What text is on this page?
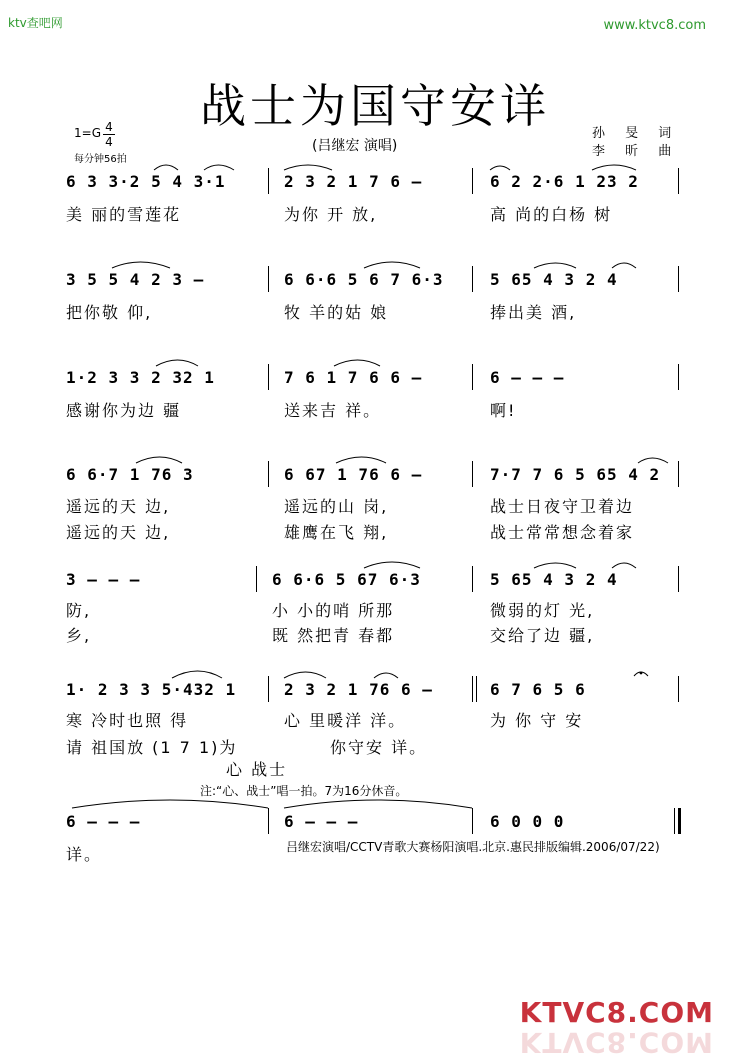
ktv查吧网	www.ktvc8.com
战士为国守安详
(吕继宏 演唱)
1=G 4
4
每分钟56拍
孙 旻 词
李 昕 曲
6 3 3·2 5 4 3·1	2 3 2 1 7 6 –	6 2 2·6 1 23 2
美 丽的雪莲花	为你 开 放,	高 尚的白杨 树
3 5 5 4 2 3 –	6 6·6 5 6 7 6·3	5 65 4 3 2 4
把你敬 仰,	牧 羊的姑 娘	捧出美 酒,
1·2 3 3 2 32 1	7 6 1 7 6 6 –	6 – – –
感谢你为边 疆	送来吉 祥。	啊!
6 6·7 1 76 3	6 67 1 76 6 –	7·7 7 6 5 65 4 2
遥远的天 边,	遥远的山 岗,	战士日夜守卫着边
遥远的天 边,	雄鹰在飞 翔,	战士常常想念着家
3 – – –	6 6·6 5 67 6·3	5 65 4 3 2 4
防,	小 小的哨 所那	微弱的灯 光,
乡,	既 然把青 春都	交给了边 疆,
1· 2 3 3 5·432 1	2 3 2 1 76 6 –	6 7 6 5 6
寒 冷时也照 得	心 里暖洋 洋。	为 你 守 安
请 祖国放 (1 7 1)为	你守安 详。
心 战士
注:“心、战士”唱一拍。7为16分休音。
6 – – –	6 – – –	6 0 0 0
详。	吕继宏演唱/CCTV青歌大赛杨阳演唱.北京.惠民排版编辑.2006/07/22)
KTVC8.COM
KTVC8.COM
